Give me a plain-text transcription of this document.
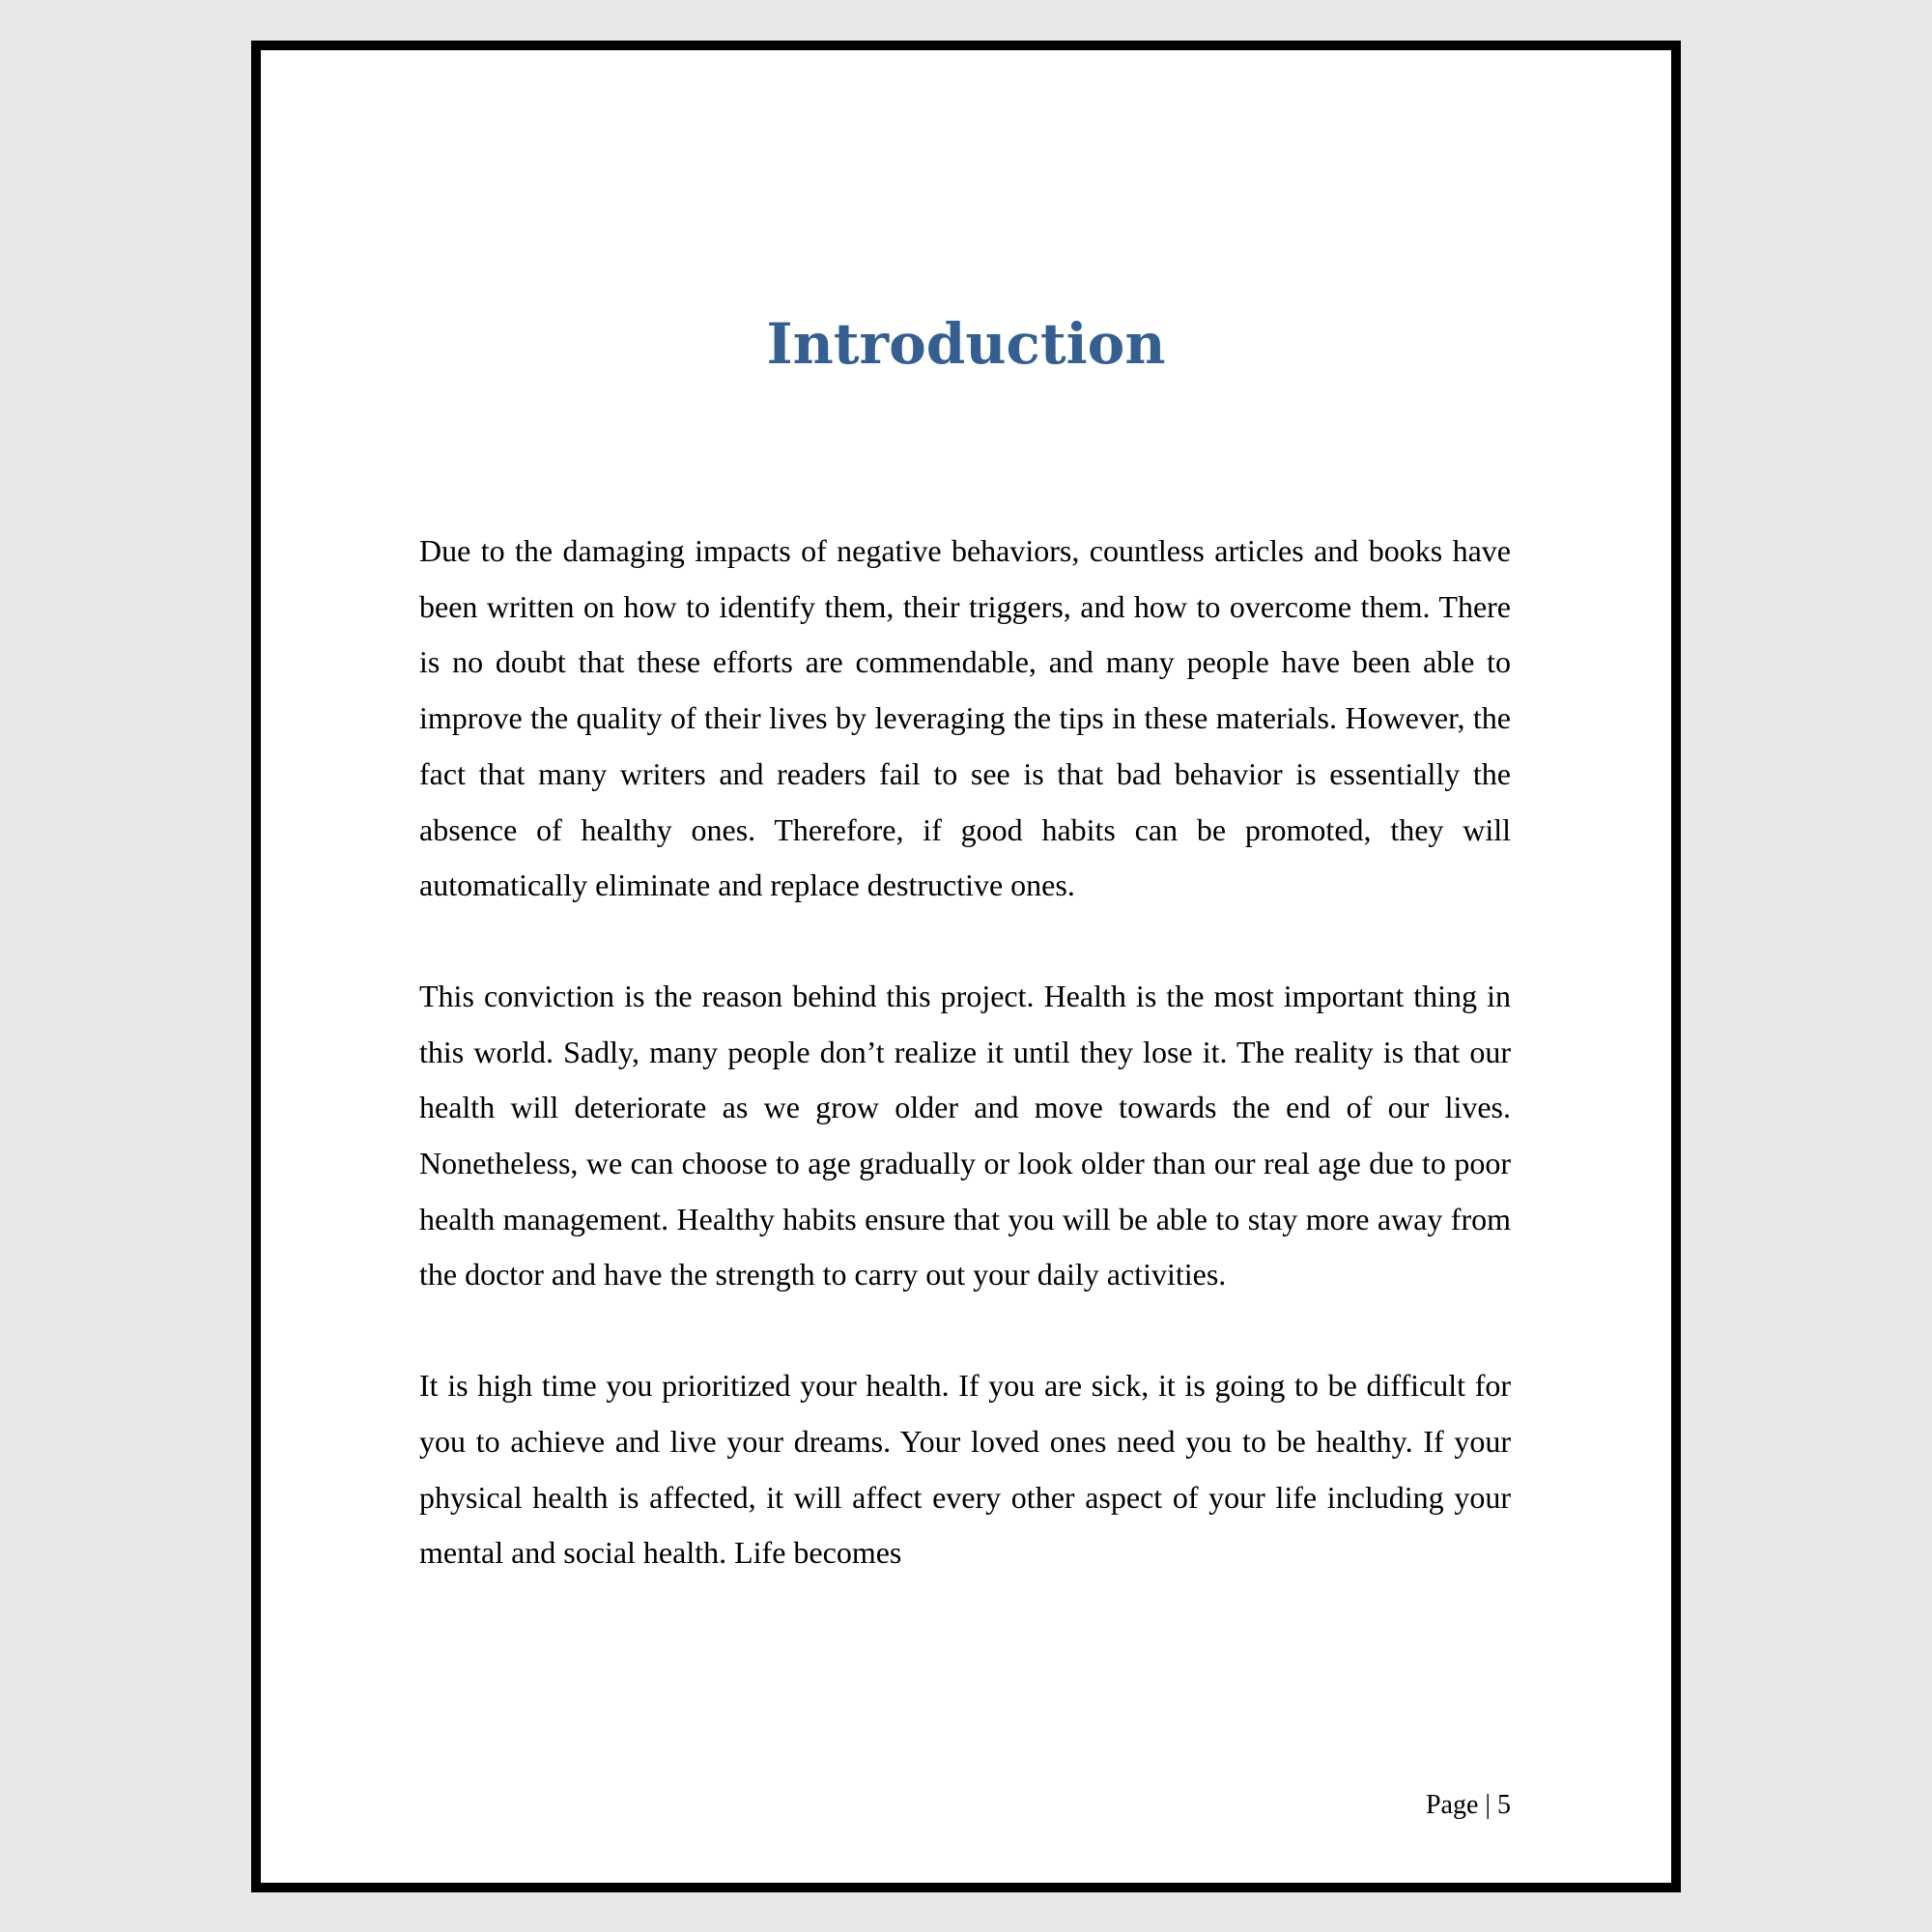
Introduction

Due to the damaging impacts of negative behaviors, countless articles and books have been written on how to identify them, their triggers, and how to overcome them. There is no doubt that these efforts are commendable, and many people have been able to improve the quality of their lives by leveraging the tips in these materials. However, the fact that many writers and readers fail to see is that bad behavior is essentially the absence of healthy ones. Therefore, if good habits can be promoted, they will automatically eliminate and replace destructive ones.

This conviction is the reason behind this project. Health is the most important thing in this world. Sadly, many people don’t realize it until they lose it. The reality is that our health will deteriorate as we grow older and move towards the end of our lives. Nonetheless, we can choose to age gradually or look older than our real age due to poor health management. Healthy habits ensure that you will be able to stay more away from the doctor and have the strength to carry out your daily activities.

It is high time you prioritized your health. If you are sick, it is going to be difficult for you to achieve and live your dreams. Your loved ones need you to be healthy. If your physical health is affected, it will affect every other aspect of your life including your mental and social health. Life becomes

Page | 5
